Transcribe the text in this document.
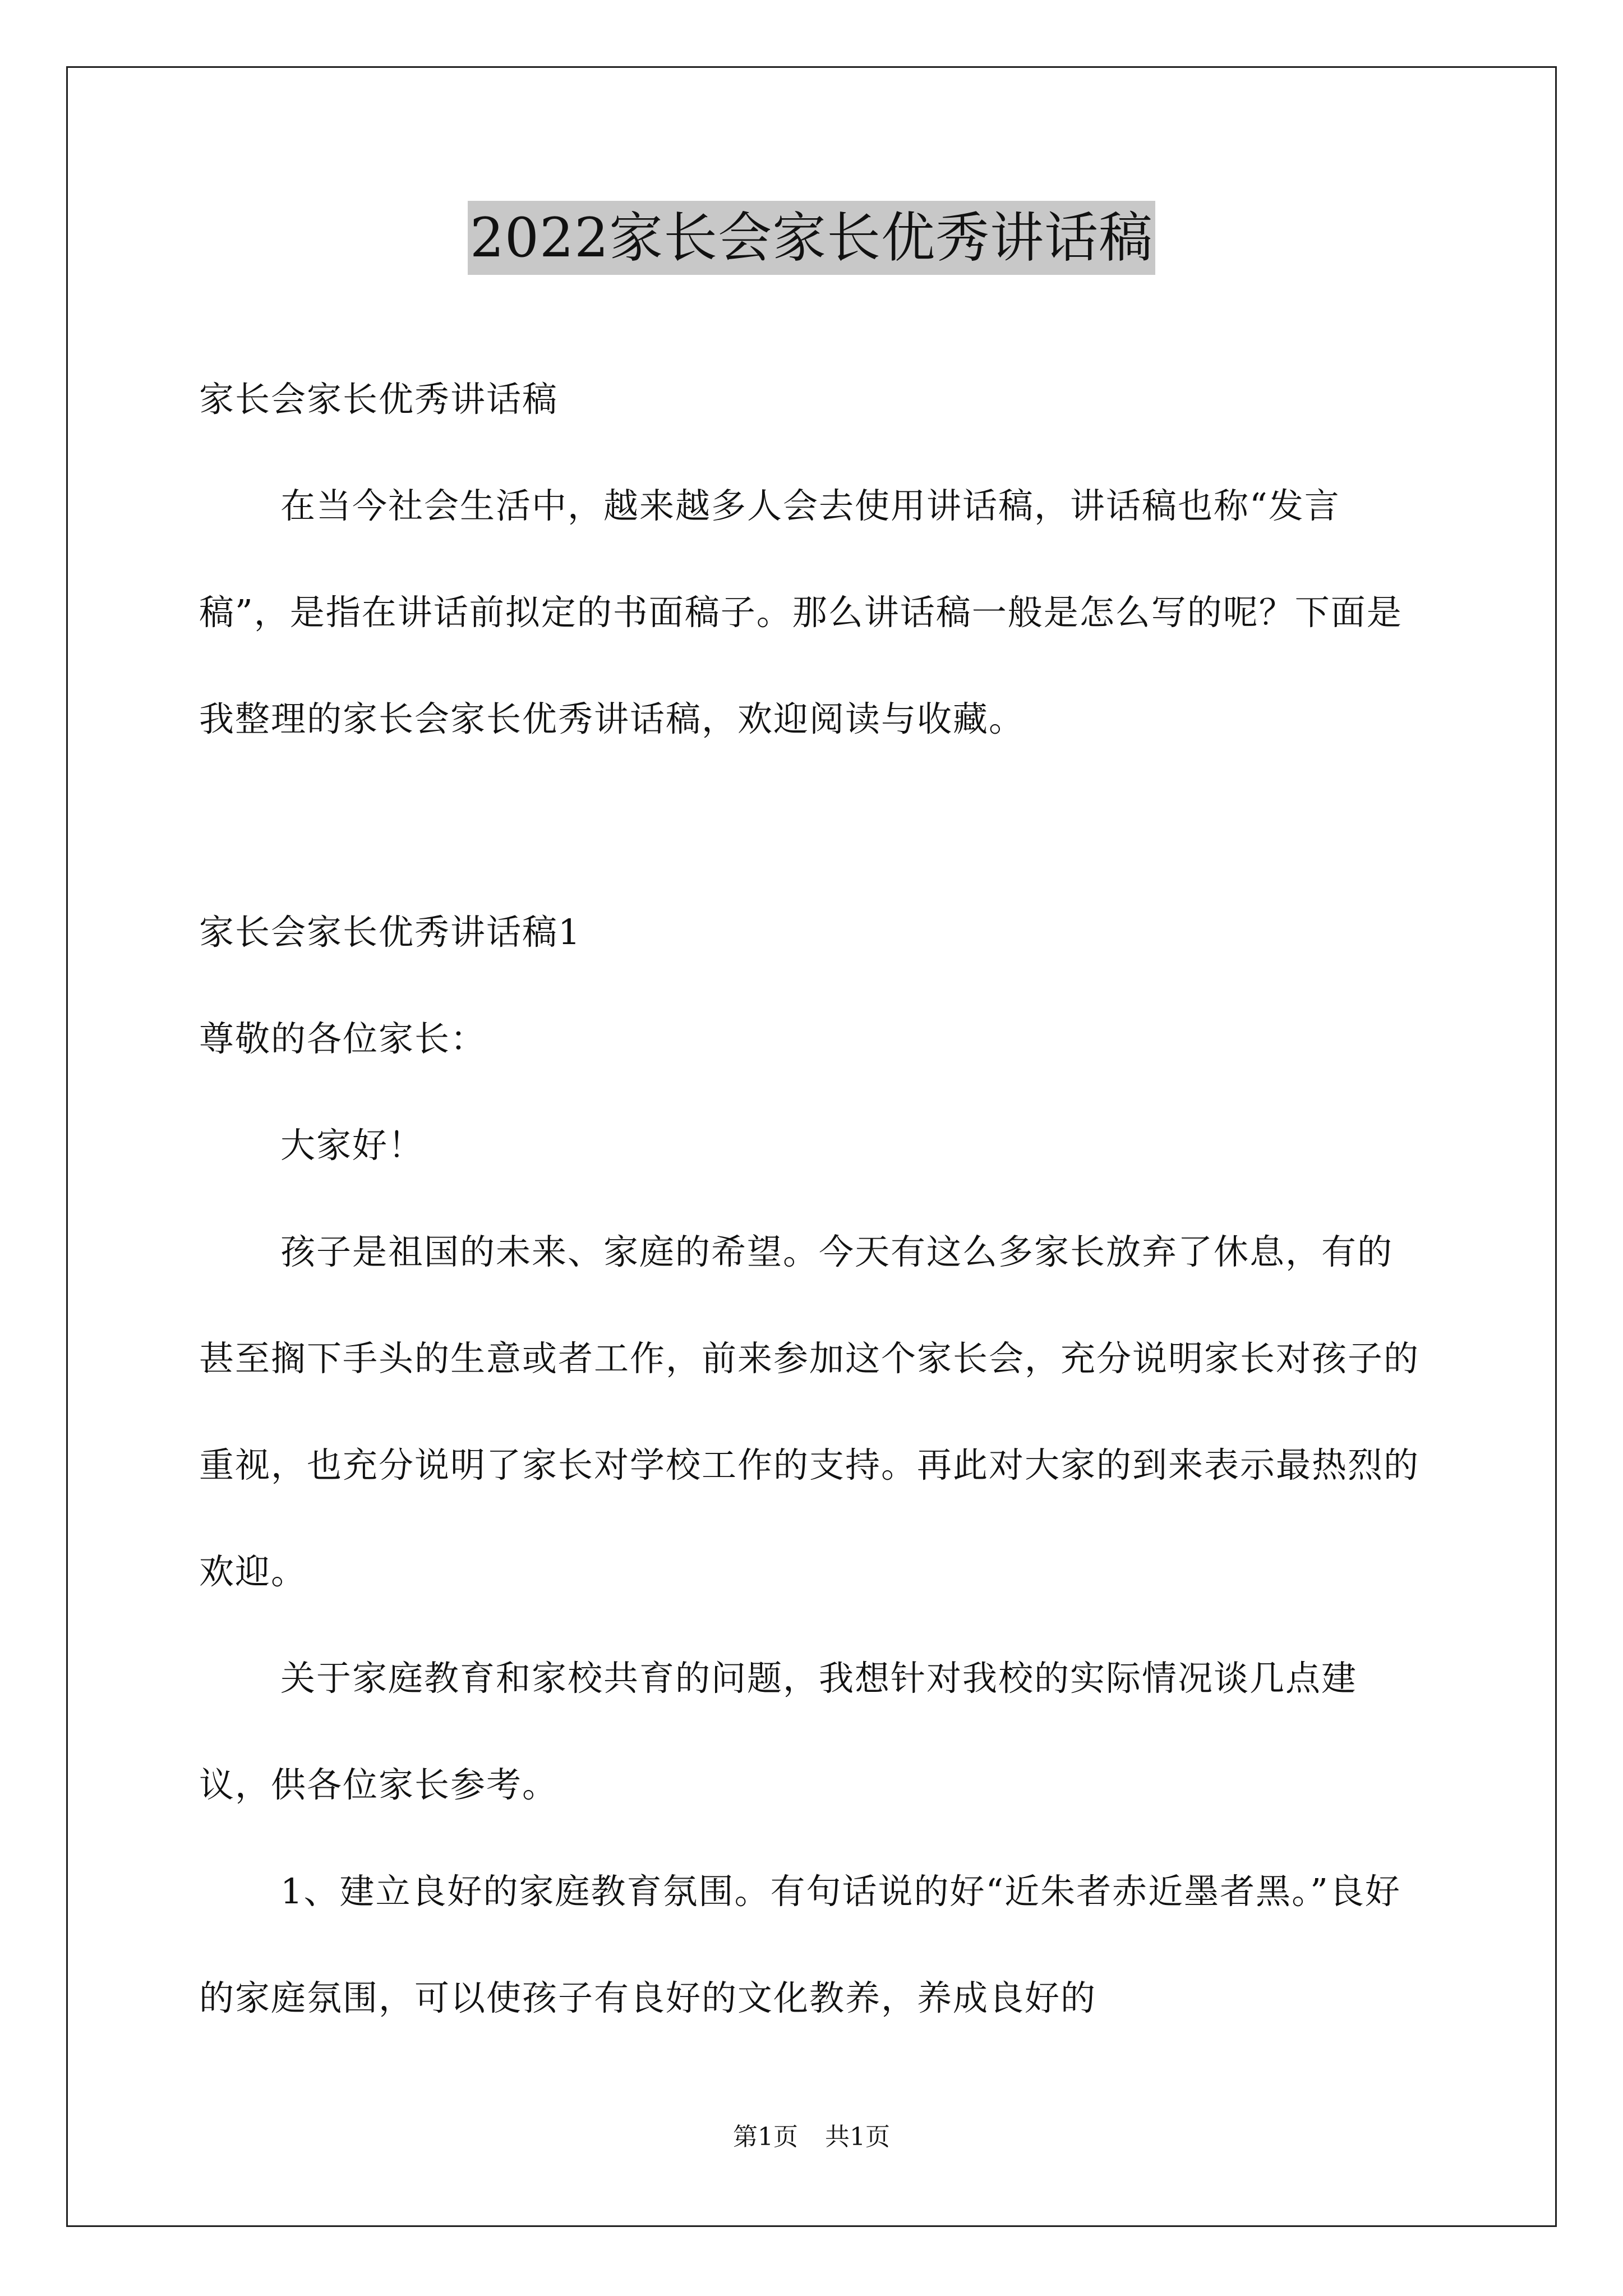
2022家长会家长优秀讲话稿

家长会家长优秀讲话稿

在当今社会生活中，越来越多人会去使用讲话稿，讲话稿也称“发言稿”，是指在讲话前拟定的书面稿子。那么讲话稿一般是怎么写的呢？下面是我整理的家长会家长优秀讲话稿，欢迎阅读与收藏。

家长会家长优秀讲话稿1

尊敬的各位家长：

大家好！

孩子是祖国的未来、家庭的希望。今天有这么多家长放弃了休息，有的甚至搁下手头的生意或者工作，前来参加这个家长会，充分说明家长对孩子的重视，也充分说明了家长对学校工作的支持。再此对大家的到来表示最热烈的欢迎。

关于家庭教育和家校共育的问题，我想针对我校的实际情况谈几点建议，供各位家长参考。

1、建立良好的家庭教育氛围。有句话说的好“近朱者赤近墨者黑。”良好的家庭氛围，可以使孩子有良好的文化教养，养成良好的

第1页 共1页
